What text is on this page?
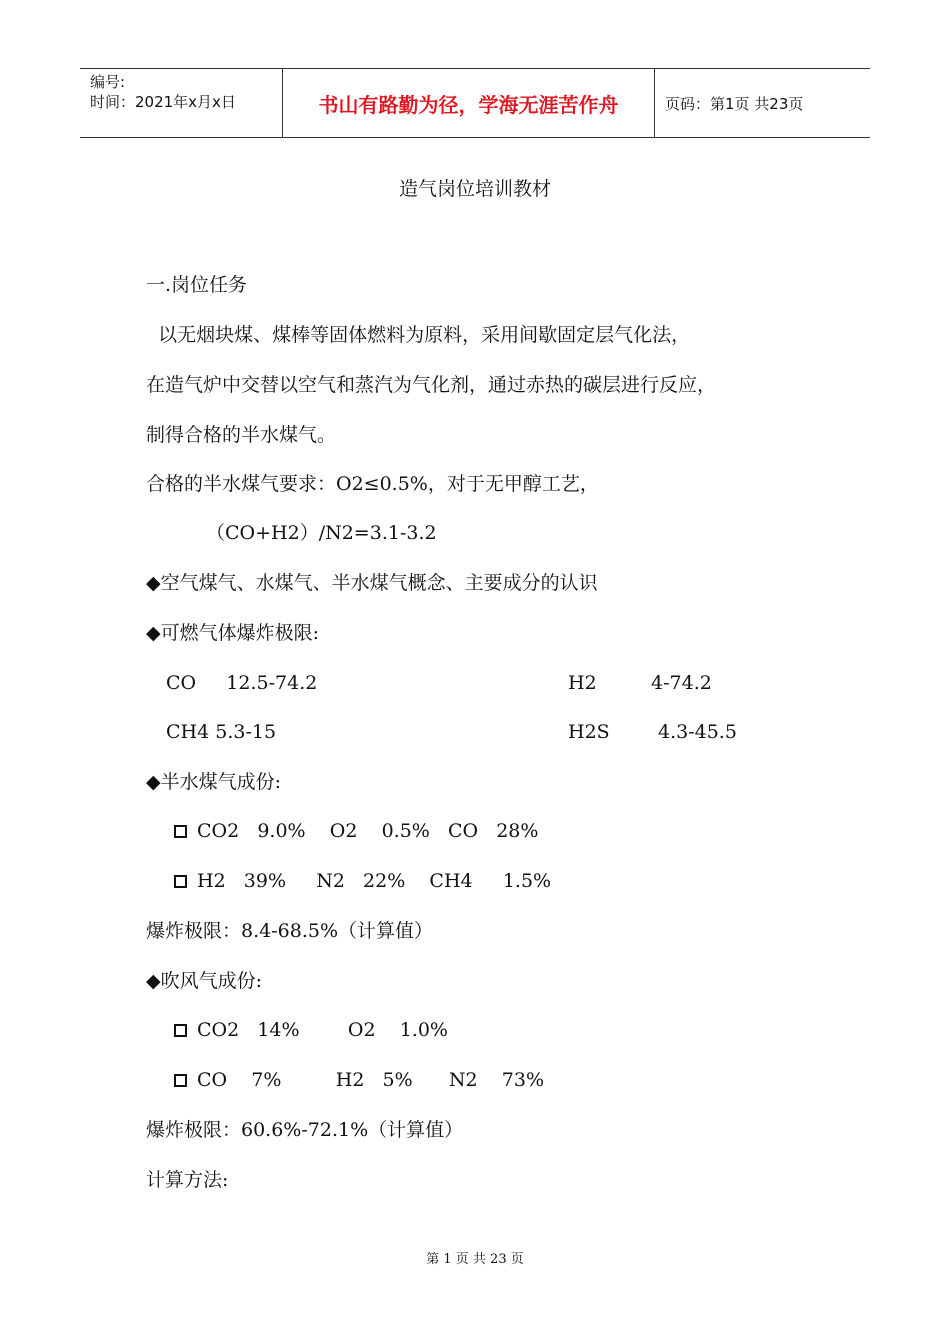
编号:
时间：2021年x月x日	书山有路勤为径，学海无涯苦作舟	页码：第1页 共23页
造气岗位培训教材
一.岗位任务
以无烟块煤、煤棒等固体燃料为原料，采用间歇固定层气化法，
在造气炉中交替以空气和蒸汽为气化剂，通过赤热的碳层进行反应，
制得合格的半水煤气。
合格的半水煤气要求：O2≤0.5%，对于无甲醇工艺，
（CO+H2）/N2=3.1-3.2
◆空气煤气、水煤气、半水煤气概念、主要成分的认识
◆可燃气体爆炸极限:
CO     12.5-74.2	H2         4-74.2
CH4 5.3-15	H2S        4.3-45.5
◆半水煤气成份:
CO2   9.0%    O2    0.5%   CO   28%
H2   39%     N2   22%    CH4     1.5%
爆炸极限：8.4-68.5%（计算值）
◆吹风气成份:
CO2   14%        O2    1.0%
CO    7%         H2   5%      N2    73%
爆炸极限：60.6%-72.1%（计算值）
计算方法:
第 1 页 共 23 页
